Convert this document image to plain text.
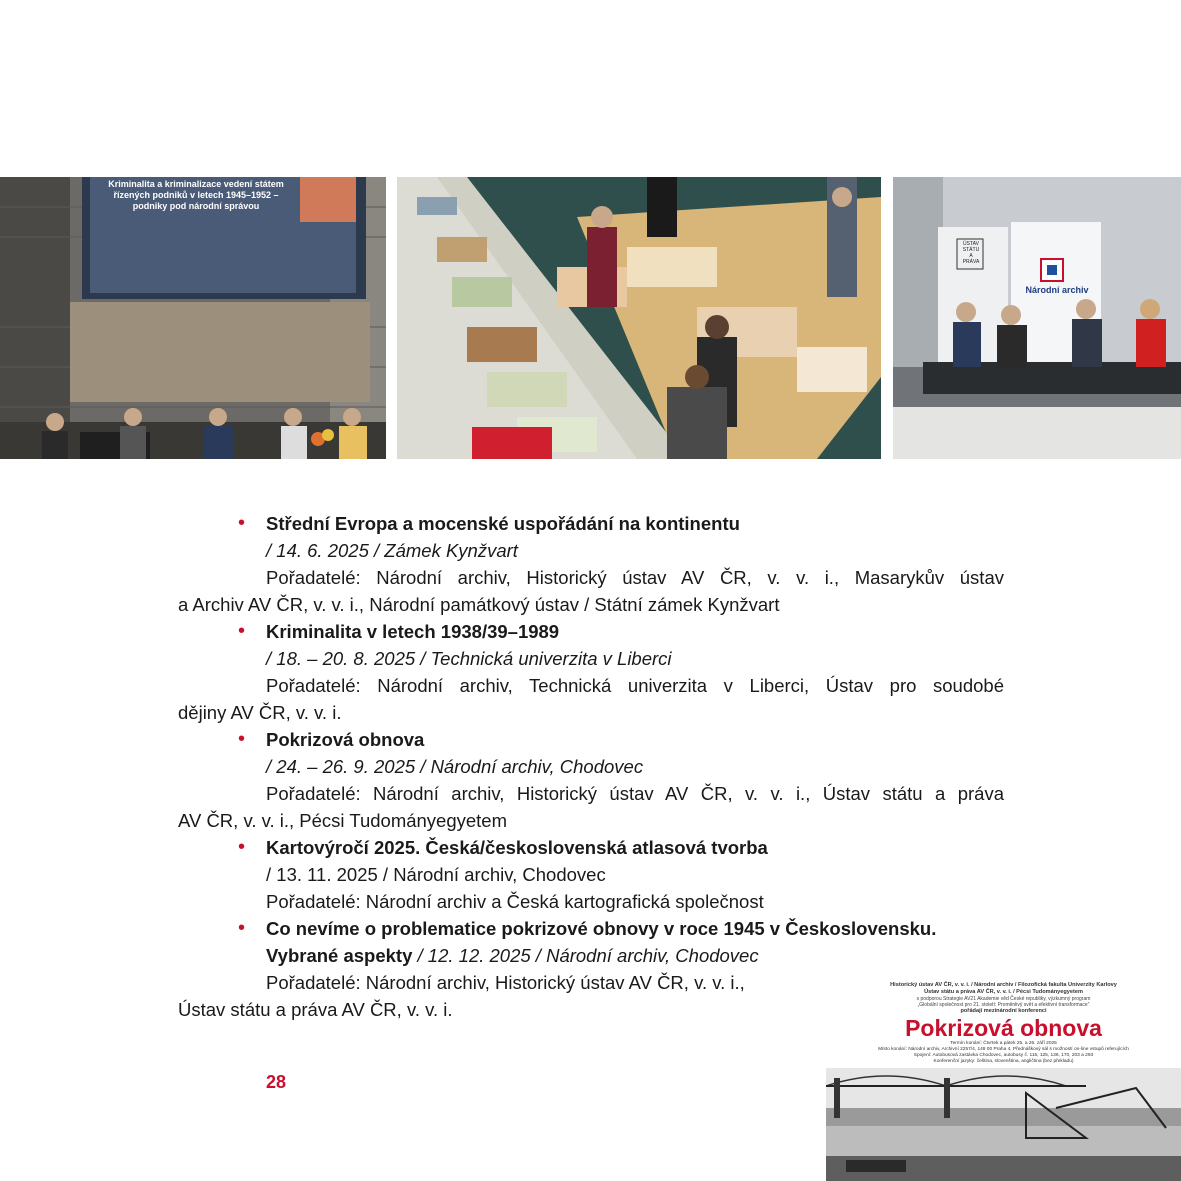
Kriminalita a kriminalizace vedení státem řízených podniků v letech 1945–1952 – podniky pod národní správou
ÚSTAV STÁTU A PRÁVA
Národní archiv
• Střední Evropa a mocenské uspořádání na kontinentu
/ 14. 6. 2025 / Zámek Kynžvart
Pořadatelé: Národní archiv, Historický ústav AV ČR, v. v. i., Masarykův ústav
a Archiv AV ČR, v. v. i., Národní památkový ústav / Státní zámek Kynžvart
• Kriminalita v letech 1938/39–1989
/ 18. – 20. 8. 2025 / Technická univerzita v Liberci
Pořadatelé: Národní archiv, Technická univerzita v Liberci, Ústav pro soudobé
dějiny AV ČR, v. v. i.
• Pokrizová obnova
/ 24. – 26. 9. 2025 / Národní archiv, Chodovec
Pořadatelé: Národní archiv, Historický ústav AV ČR, v. v. i., Ústav státu a práva
AV ČR, v. v. i., Pécsi Tudományegyetem
• Kartovýročí 2025. Česká/československá atlasová tvorba
/ 13. 11. 2025 / Národní archiv, Chodovec
Pořadatelé: Národní archiv a Česká kartografická společnost
• Co nevíme o problematice pokrizové obnovy v roce 1945 v Československu.
Vybrané aspekty / 12. 12. 2025 / Národní archiv, Chodovec
Pořadatelé: Národní archiv, Historický ústav AV ČR, v. v. i.,
Ústav státu a práva AV ČR, v. v. i.
28
Historický ústav AV ČR, v. v. i. / Národní archiv / Filozofická fakulta Univerzity Karlovy
Ústav státu a práva AV ČR, v. v. i. / Pécsi Tudományegyetem
s podporou Strategie AV21 Akademie věd České republiky, výzkumný program
„Globální společnost pro 21. století: Proměnlivý svět a efektivní transformace“
pořádají mezinárodní konferenci
Pokrizová obnova
Termín konání: Čtvrtek a pátek 25. a 26. září 2025
Místo konání: Národní archiv, Archivní 2257/4, 149 00 Praha 4, Přednáškový sál s možností on-line vstupů referujících
Spojení: Autobusová zastávka Chodovec, autobusy č. 115, 125, 136, 170, 203 a 293
Konferenční jazyky: čeština, slovenština, angličtina (bez překladu)
